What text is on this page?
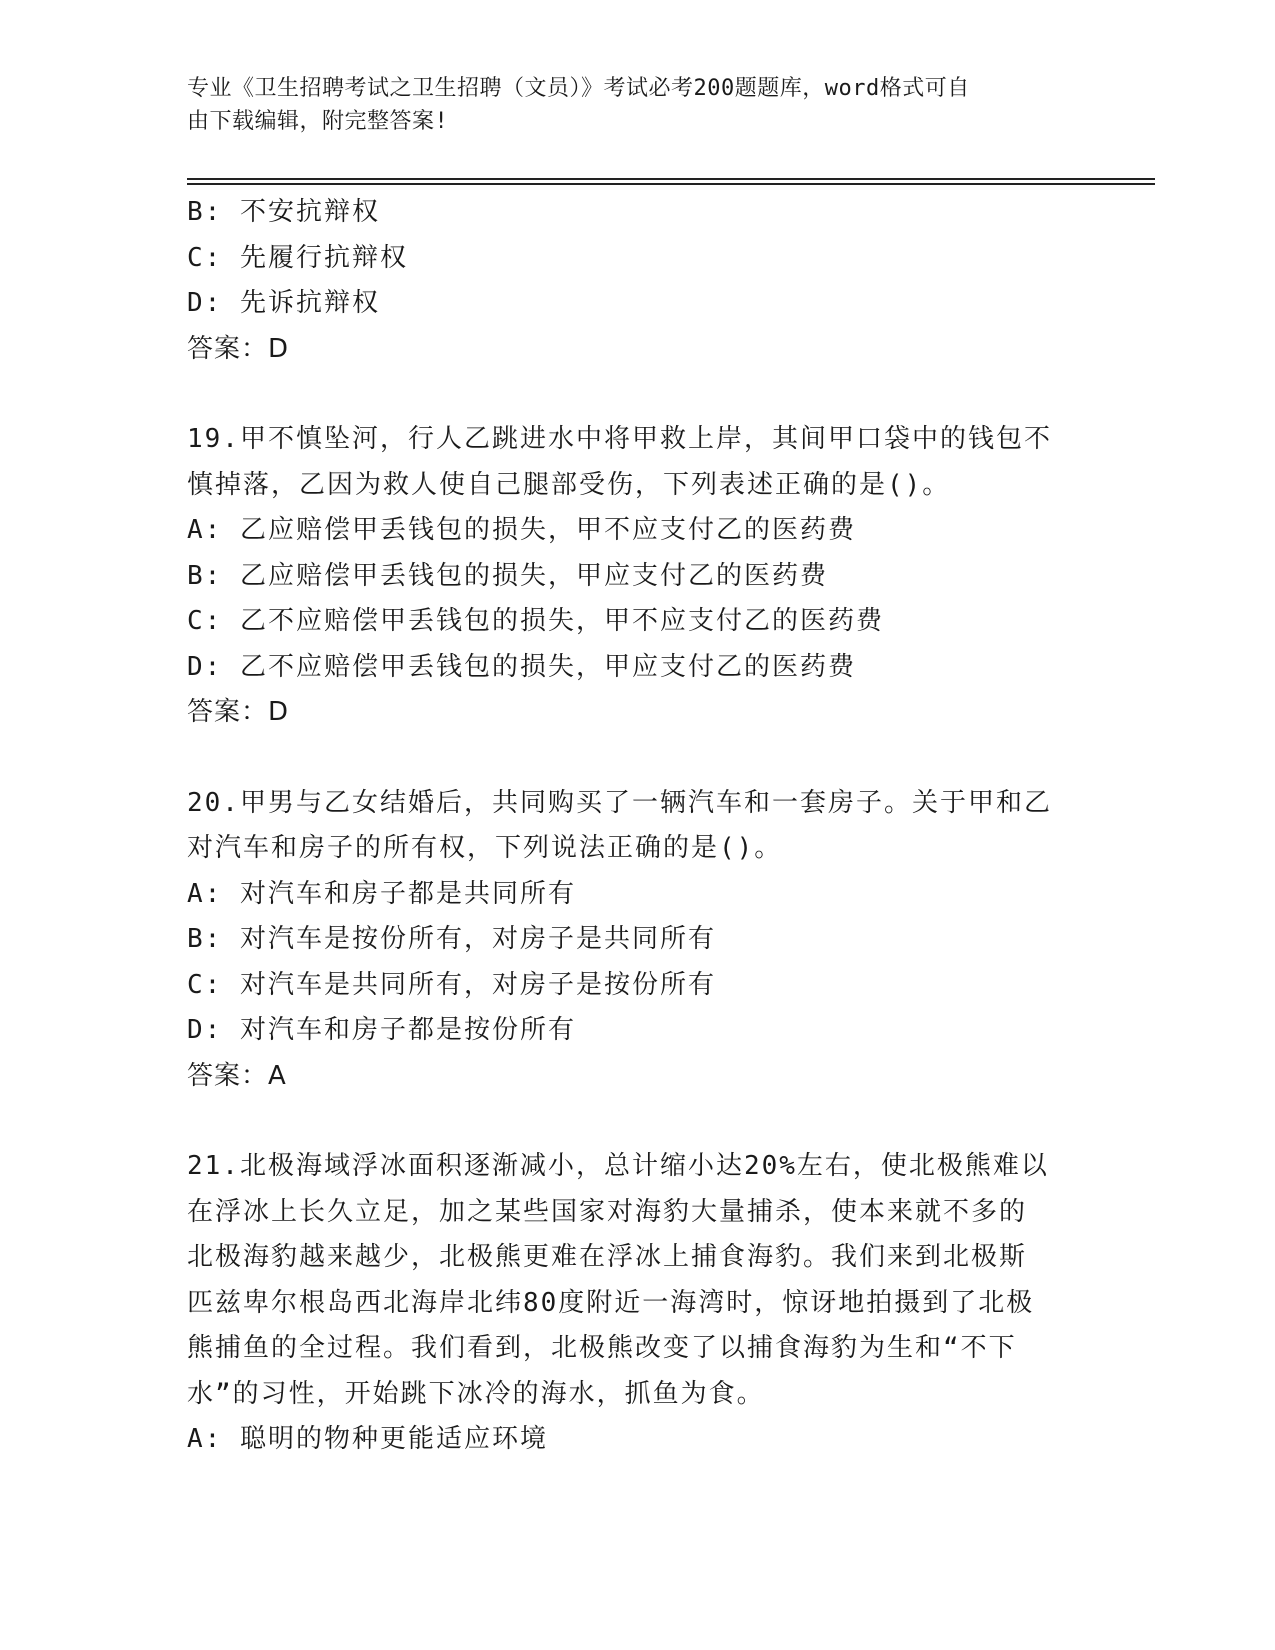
专业《卫生招聘考试之卫生招聘（文员）》考试必考200题题库，word格式可自
由下载编辑，附完整答案!
B: 不安抗辩权
C: 先履行抗辩权
D: 先诉抗辩权
答案：D
19.甲不慎坠河，行人乙跳进水中将甲救上岸，其间甲口袋中的钱包不
慎掉落，乙因为救人使自己腿部受伤，下列表述正确的是()。
A: 乙应赔偿甲丢钱包的损失，甲不应支付乙的医药费
B: 乙应赔偿甲丢钱包的损失，甲应支付乙的医药费
C: 乙不应赔偿甲丢钱包的损失，甲不应支付乙的医药费
D: 乙不应赔偿甲丢钱包的损失，甲应支付乙的医药费
答案：D
20.甲男与乙女结婚后，共同购买了一辆汽车和一套房子。关于甲和乙
对汽车和房子的所有权，下列说法正确的是()。
A: 对汽车和房子都是共同所有
B: 对汽车是按份所有，对房子是共同所有
C: 对汽车是共同所有，对房子是按份所有
D: 对汽车和房子都是按份所有
答案：A
21.北极海域浮冰面积逐渐减小，总计缩小达20%左右，使北极熊难以
在浮冰上长久立足，加之某些国家对海豹大量捕杀，使本来就不多的
北极海豹越来越少，北极熊更难在浮冰上捕食海豹。我们来到北极斯
匹兹卑尔根岛西北海岸北纬80度附近一海湾时，惊讶地拍摄到了北极
熊捕鱼的全过程。我们看到，北极熊改变了以捕食海豹为生和“不下
水”的习性，开始跳下冰冷的海水，抓鱼为食。
A: 聪明的物种更能适应环境
